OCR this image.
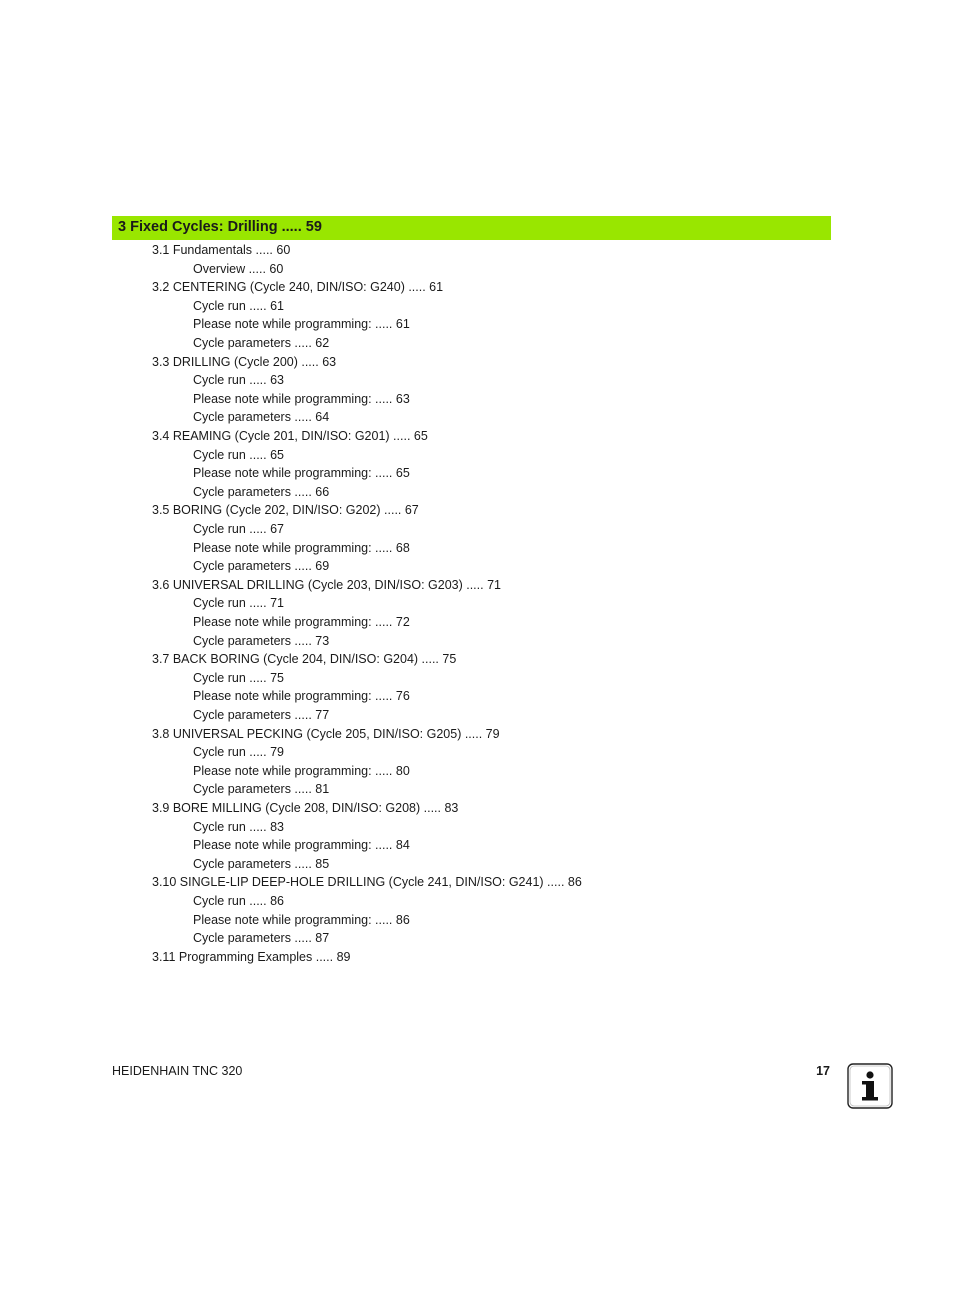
3 Fixed Cycles: Drilling ..... 59
3.1 Fundamentals ..... 60
Overview ..... 60
3.2 CENTERING (Cycle 240, DIN/ISO: G240) ..... 61
Cycle run ..... 61
Please note while programming: ..... 61
Cycle parameters ..... 62
3.3 DRILLING (Cycle 200) ..... 63
Cycle run ..... 63
Please note while programming: ..... 63
Cycle parameters ..... 64
3.4 REAMING (Cycle 201, DIN/ISO: G201) ..... 65
Cycle run ..... 65
Please note while programming: ..... 65
Cycle parameters ..... 66
3.5 BORING (Cycle 202, DIN/ISO: G202) ..... 67
Cycle run ..... 67
Please note while programming: ..... 68
Cycle parameters ..... 69
3.6 UNIVERSAL DRILLING (Cycle 203, DIN/ISO: G203) ..... 71
Cycle run ..... 71
Please note while programming: ..... 72
Cycle parameters ..... 73
3.7 BACK BORING (Cycle 204, DIN/ISO: G204) ..... 75
Cycle run ..... 75
Please note while programming: ..... 76
Cycle parameters ..... 77
3.8 UNIVERSAL PECKING (Cycle 205, DIN/ISO: G205) ..... 79
Cycle run ..... 79
Please note while programming: ..... 80
Cycle parameters ..... 81
3.9 BORE MILLING (Cycle 208, DIN/ISO: G208) ..... 83
Cycle run ..... 83
Please note while programming: ..... 84
Cycle parameters ..... 85
3.10 SINGLE-LIP DEEP-HOLE DRILLING (Cycle 241, DIN/ISO: G241) ..... 86
Cycle run ..... 86
Please note while programming: ..... 86
Cycle parameters ..... 87
3.11 Programming Examples ..... 89
HEIDENHAIN TNC 320	17
